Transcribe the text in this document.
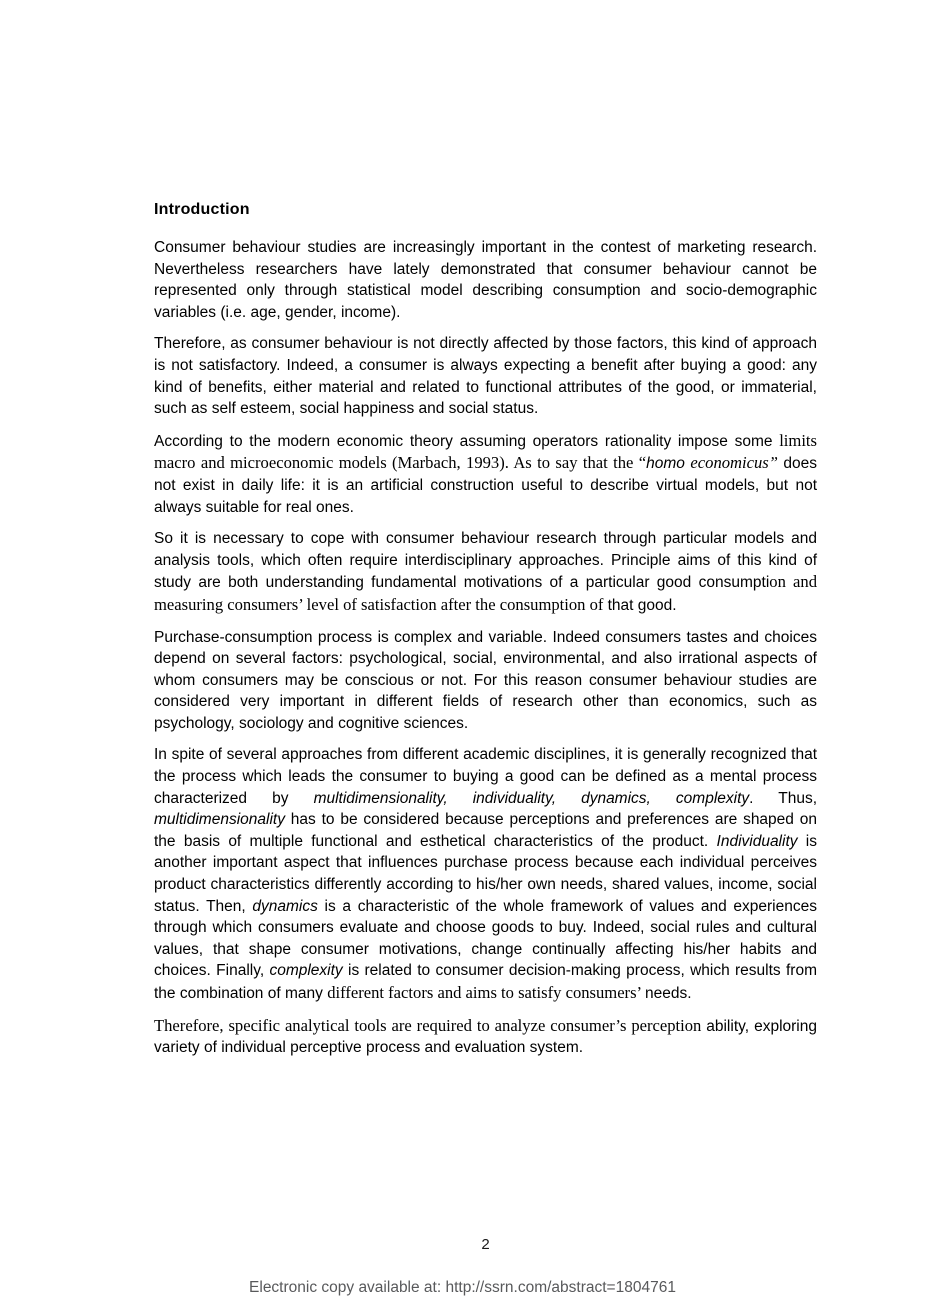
Introduction

Consumer behaviour studies are increasingly important in the contest of marketing research. Nevertheless researchers have lately demonstrated that consumer behaviour cannot be represented only through statistical model describing consumption and socio-demographic variables (i.e. age, gender, income).

Therefore, as consumer behaviour is not directly affected by those factors, this kind of approach is not satisfactory. Indeed, a consumer is always expecting a benefit after buying a good: any kind of benefits, either material and related to functional attributes of the good, or immaterial, such as self esteem, social happiness and social status.

According to the modern economic theory assuming operators rationality impose some limits macro and microeconomic models (Marbach, 1993). As to say that the “homo economicus” does not exist in daily life: it is an artificial construction useful to describe virtual models, but not always suitable for real ones.

So it is necessary to cope with consumer behaviour research through particular models and analysis tools, which often require interdisciplinary approaches. Principle aims of this kind of study are both understanding fundamental motivations of a particular good consumption and measuring consumers’ level of satisfaction after the consumption of that good.

Purchase-consumption process is complex and variable. Indeed consumers tastes and choices depend on several factors: psychological, social, environmental, and also irrational aspects of whom consumers may be conscious or not. For this reason consumer behaviour studies are considered very important in different fields of research other than economics, such as psychology, sociology and cognitive sciences.

In spite of several approaches from different academic disciplines, it is generally recognized that the process which leads the consumer to buying a good can be defined as a mental process characterized by multidimensionality, individuality, dynamics, complexity. Thus, multidimensionality has to be considered because perceptions and preferences are shaped on the basis of multiple functional and esthetical characteristics of the product. Individuality is another important aspect that influences purchase process because each individual perceives product characteristics differently according to his/her own needs, shared values, income, social status. Then, dynamics is a characteristic of the whole framework of values and experiences through which consumers evaluate and choose goods to buy. Indeed, social rules and cultural values, that shape consumer motivations, change continually affecting his/her habits and choices. Finally, complexity is related to consumer decision-making process, which results from the combination of many different factors and aims to satisfy consumers’ needs.

Therefore, specific analytical tools are required to analyze consumer’s perception ability, exploring variety of individual perceptive process and evaluation system.

2
Electronic copy available at: http://ssrn.com/abstract=1804761
